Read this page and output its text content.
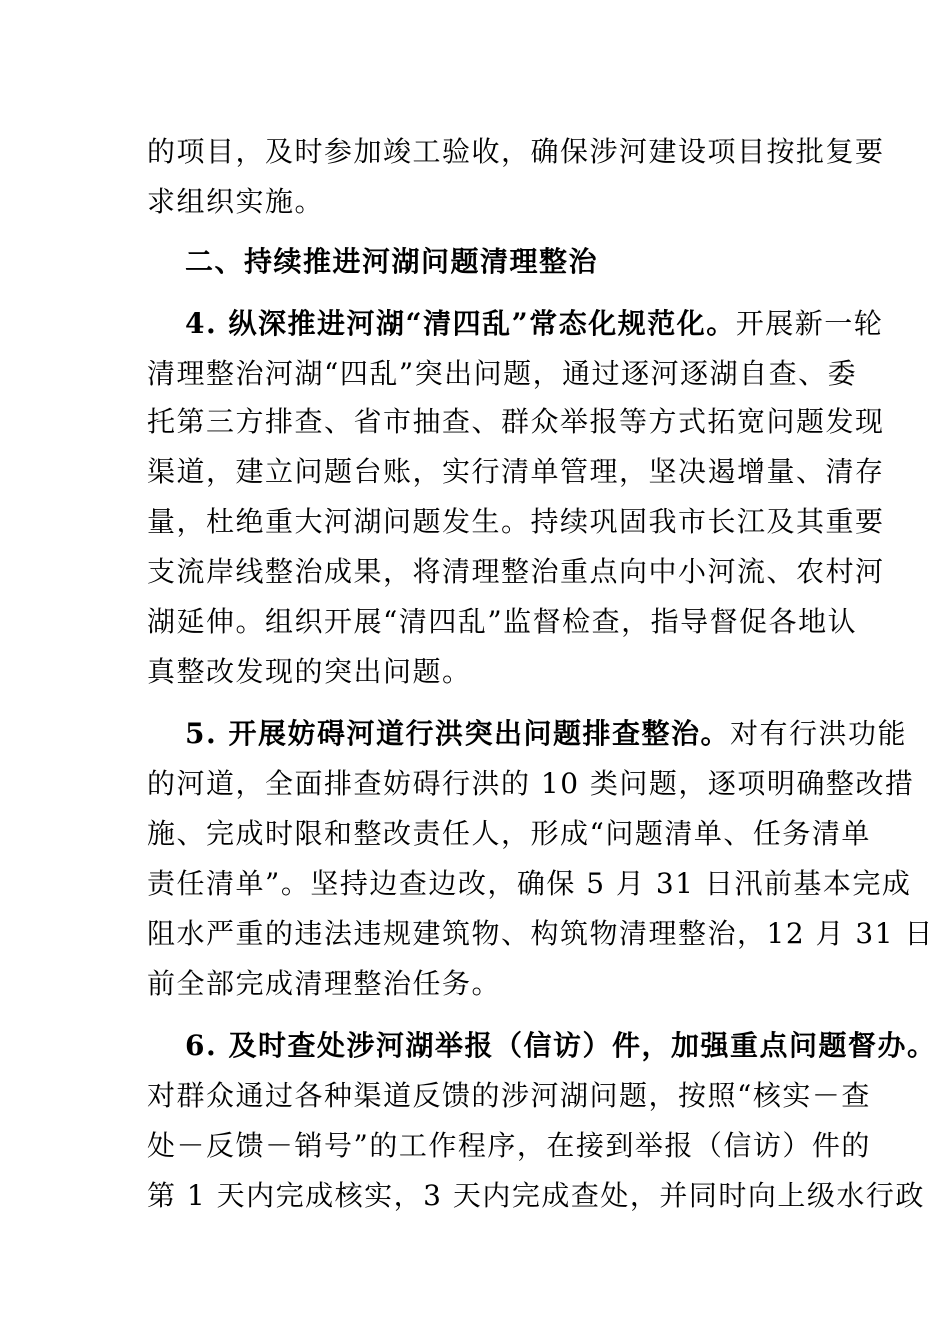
的项目，及时参加竣工验收，确保涉河建设项目按批复要
求组织实施。
二、持续推进河湖问题清理整治
4. 纵深推进河湖“清四乱”常态化规范化。开展新一轮
清理整治河湖“四乱”突出问题，通过逐河逐湖自查、委
托第三方排查、省市抽查、群众举报等方式拓宽问题发现
渠道，建立问题台账，实行清单管理，坚决遏增量、清存
量，杜绝重大河湖问题发生。持续巩固我市长江及其重要
支流岸线整治成果，将清理整治重点向中小河流、农村河
湖延伸。组织开展“清四乱”监督检查，指导督促各地认
真整改发现的突出问题。
5. 开展妨碍河道行洪突出问题排查整治。对有行洪功能
的河道，全面排查妨碍行洪的 10 类问题，逐项明确整改措
施、完成时限和整改责任人，形成“问题清单、任务清单
责任清单”。坚持边查边改，确保 5 月 31 日汛前基本完成
阻水严重的违法违规建筑物、构筑物清理整治，12 月 31 日
前全部完成清理整治任务。
6. 及时查处涉河湖举报（信访）件，加强重点问题督办。
对群众通过各种渠道反馈的涉河湖问题，按照“核实－查
处－反馈－销号”的工作程序，在接到举报（信访）件的
第 1 天内完成核实，3 天内完成查处，并同时向上级水行政
